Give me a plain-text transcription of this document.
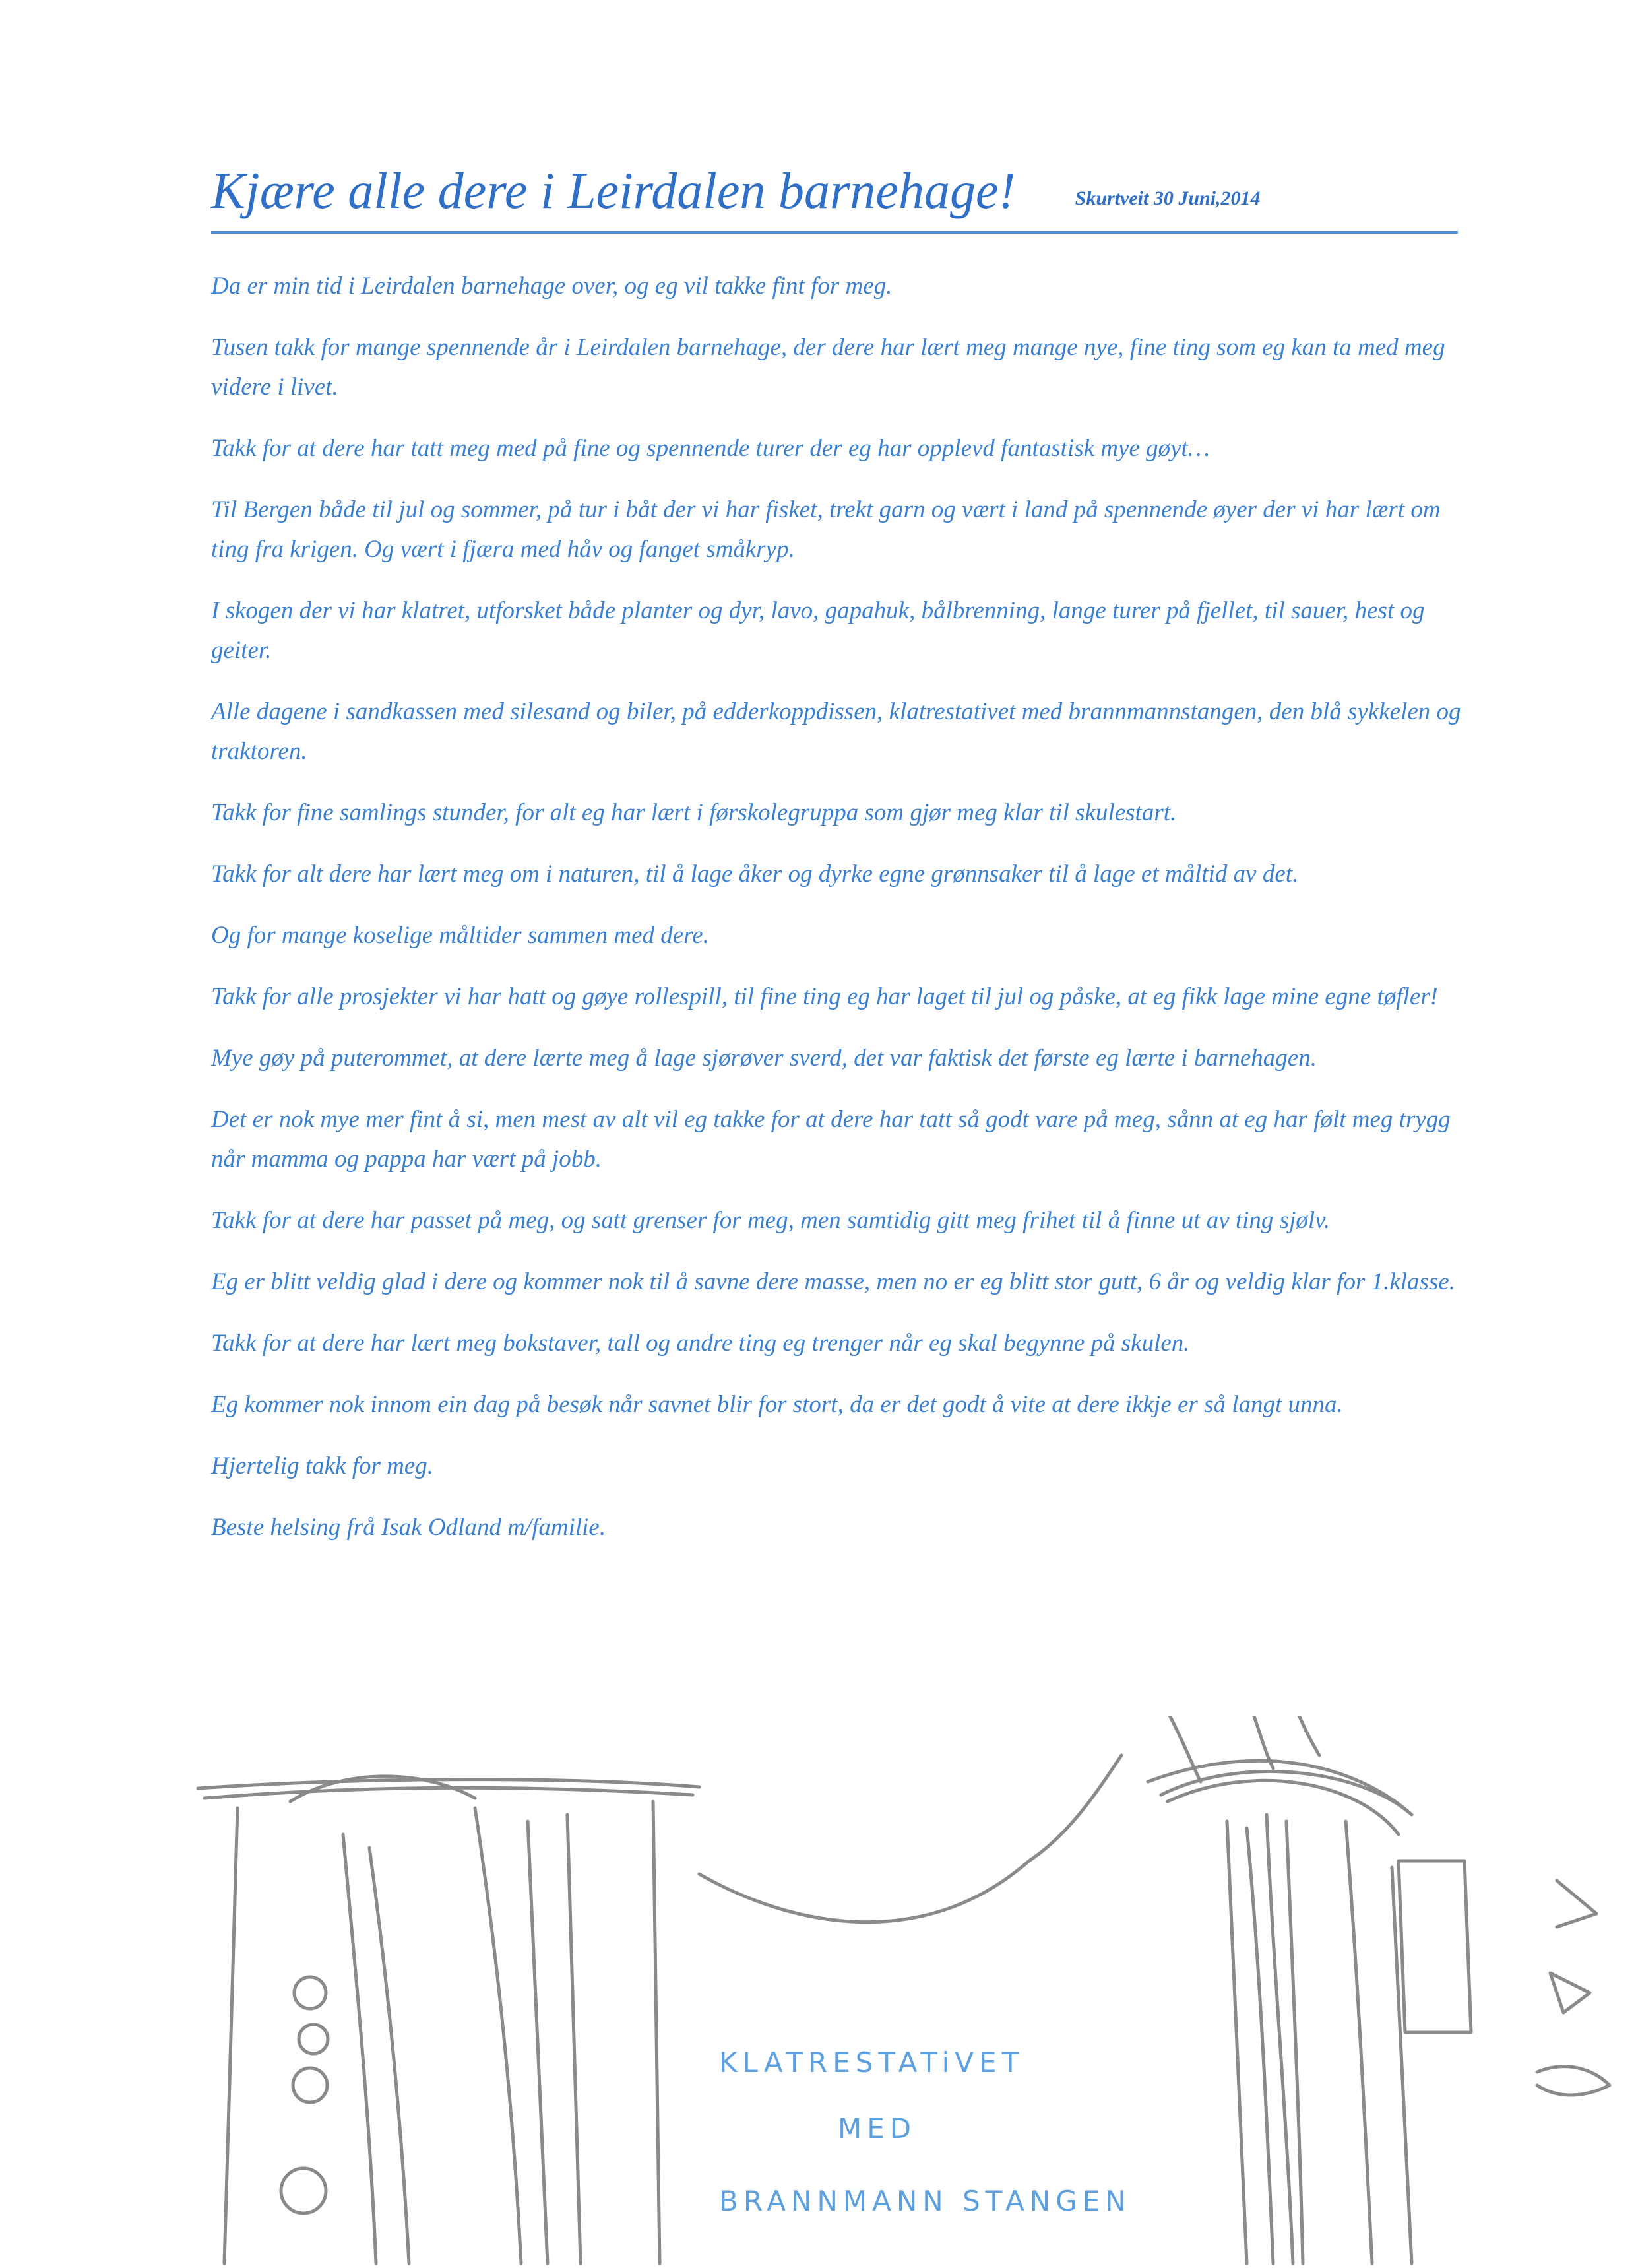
Kjære alle dere i Leirdalen barnehage!	Skurtveit 30 Juni,2014

Da er min tid i Leirdalen barnehage over, og eg vil takke fint for meg.

Tusen takk for mange spennende år i Leirdalen barnehage, der dere har lært meg mange nye, fine ting som eg kan ta med meg videre i livet.

Takk for at dere har tatt meg med på fine og spennende turer der eg har opplevd fantastisk mye gøyt…

Til Bergen både til jul og sommer, på tur i båt der vi har fisket, trekt garn og vært i land på spennende øyer der vi har lært om ting fra krigen. Og vært i fjæra med håv og fanget småkryp.

I skogen der vi har klatret, utforsket både planter og dyr, lavo, gapahuk, bålbrenning, lange turer på fjellet, til sauer, hest og geiter.

Alle dagene i sandkassen med silesand og biler, på edderkoppdissen, klatrestativet med brannmannstangen, den blå sykkelen og traktoren.

Takk for fine samlings stunder, for alt eg har lært i førskolegruppa som gjør meg klar til skulestart.

Takk for alt dere har lært meg om i naturen, til å lage åker og dyrke egne grønnsaker til å lage et måltid av det.

Og for mange koselige måltider sammen med dere.

Takk for alle prosjekter vi har hatt og gøye rollespill, til fine ting eg har laget til jul og påske, at eg fikk lage mine egne tøfler!

Mye gøy på puterommet, at dere lærte meg å lage sjørøver sverd, det var faktisk det første eg lærte i barnehagen.

Det er nok mye mer fint å si, men mest av alt vil eg takke for at dere har tatt så godt vare på meg, sånn at eg har følt meg trygg når mamma og pappa har vært på jobb.

Takk for at dere har passet på meg, og satt grenser for meg, men samtidig gitt meg frihet til å finne ut av ting sjølv.

Eg er blitt veldig glad i dere og kommer nok til å savne dere masse, men no er eg blitt stor gutt, 6 år og veldig klar for 1.klasse.

Takk for at dere har lært meg bokstaver, tall og andre ting eg trenger når eg skal begynne på skulen.

Eg kommer nok innom ein dag på besøk når savnet blir for stort, da er det godt å vite at dere ikkje er så langt unna.

Hjertelig takk for meg.

Beste helsing frå Isak Odland m/familie.

KLATRESTATiVET
MED
BRANNMANN STANGEN
